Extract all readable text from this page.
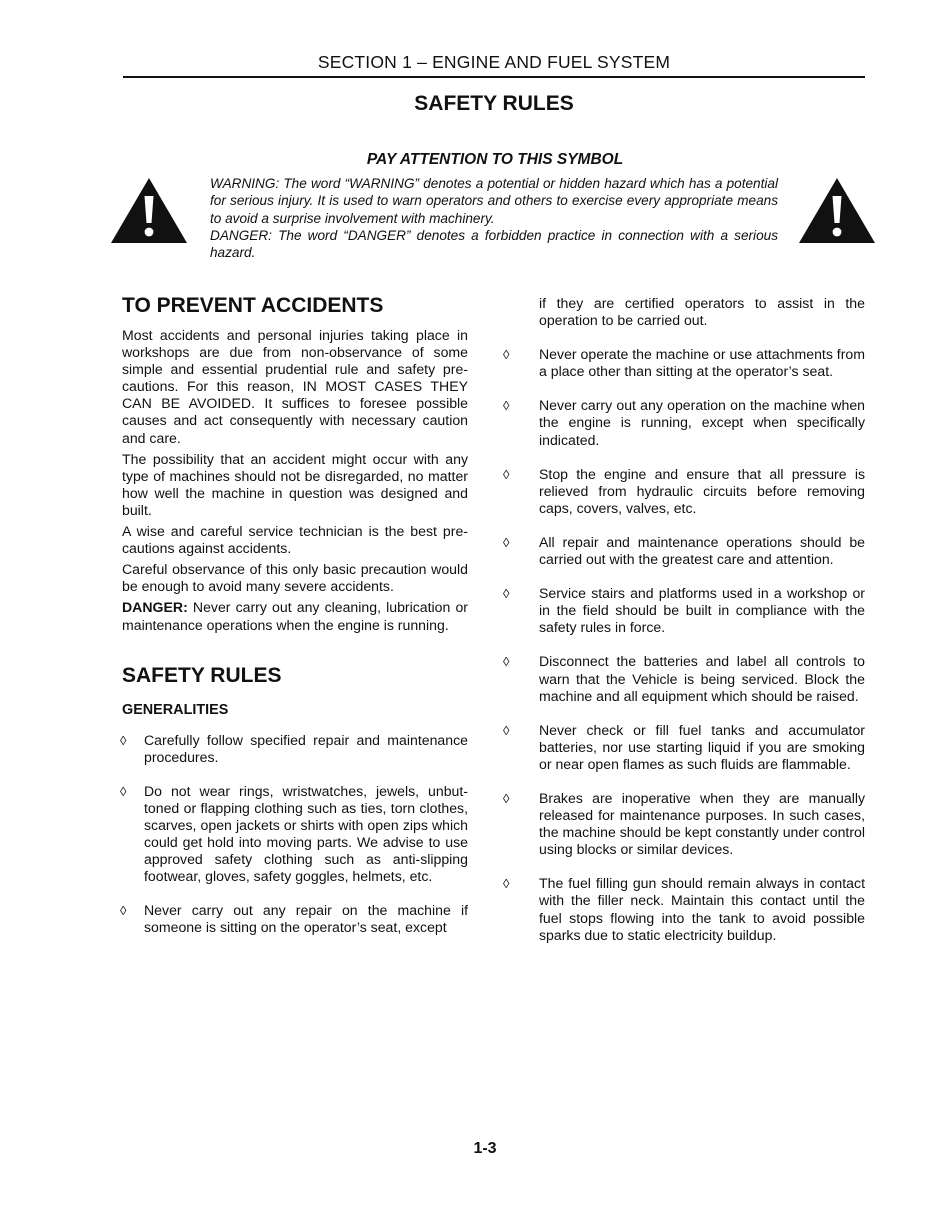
SECTION 1 – ENGINE AND FUEL SYSTEM
SAFETY RULES
PAY ATTENTION TO THIS SYMBOL

WARNING: The word “WARNING” denotes a potential or hidden hazard which has a potential for serious injury. It is used to warn operators and others to exercise every appropriate means to avoid a surprise involvement with machinery.

DANGER: The word “DANGER” denotes a forbidden practice in connection with a serious hazard.

TO PREVENT ACCIDENTS

Most accidents and personal injuries taking place in workshops are due from non-observance of some simple and essential prudential rule and safety precautions. For this reason, IN MOST CASES THEY CAN BE AVOIDED. It suffices to foresee possible causes and act consequently with necessary caution and care.

The possibility that an accident might occur with any type of machines should not be disregarded, no matter how well the machine in question was designed and built.

A wise and careful service technician is the best precautions against accidents.

Careful observance of this only basic precaution would be enough to avoid many severe accidents.

DANGER: Never carry out any cleaning, lubrication or maintenance operations when the engine is running.

SAFETY RULES
GENERALITIES
◊ Carefully follow specified repair and maintenance procedures.

◊ Do not wear rings, wristwatches, jewels, unbuttoned or flapping clothing such as ties, torn clothes, scarves, open jackets or shirts with open zips which could get hold into moving parts. We advise to use approved safety clothing such as anti-slipping footwear, gloves, safety goggles, helmets, etc.

◊ Never carry out any repair on the machine if someone is sitting on the operator’s seat, except

if they are certified operators to assist in the operation to be carried out.

◊ Never operate the machine or use attachments from a place other than sitting at the operator’s seat.

◊ Never carry out any operation on the machine when the engine is running, except when specifically indicated.

◊ Stop the engine and ensure that all pressure is relieved from hydraulic circuits before removing caps, covers, valves, etc.

◊ All repair and maintenance operations should be carried out with the greatest care and attention.

◊ Service stairs and platforms used in a workshop or in the field should be built in compliance with the safety rules in force.

◊ Disconnect the batteries and label all controls to warn that the Vehicle is being serviced. Block the machine and all equipment which should be raised.

◊ Never check or fill fuel tanks and accumulator batteries, nor use starting liquid if you are smoking or near open flames as such fluids are flammable.

◊ Brakes are inoperative when they are manually released for maintenance purposes. In such cases, the machine should be kept constantly under control using blocks or similar devices.

◊ The fuel filling gun should remain always in contact with the filler neck. Maintain this contact until the fuel stops flowing into the tank to avoid possible sparks due to static electricity buildup.

1-3
